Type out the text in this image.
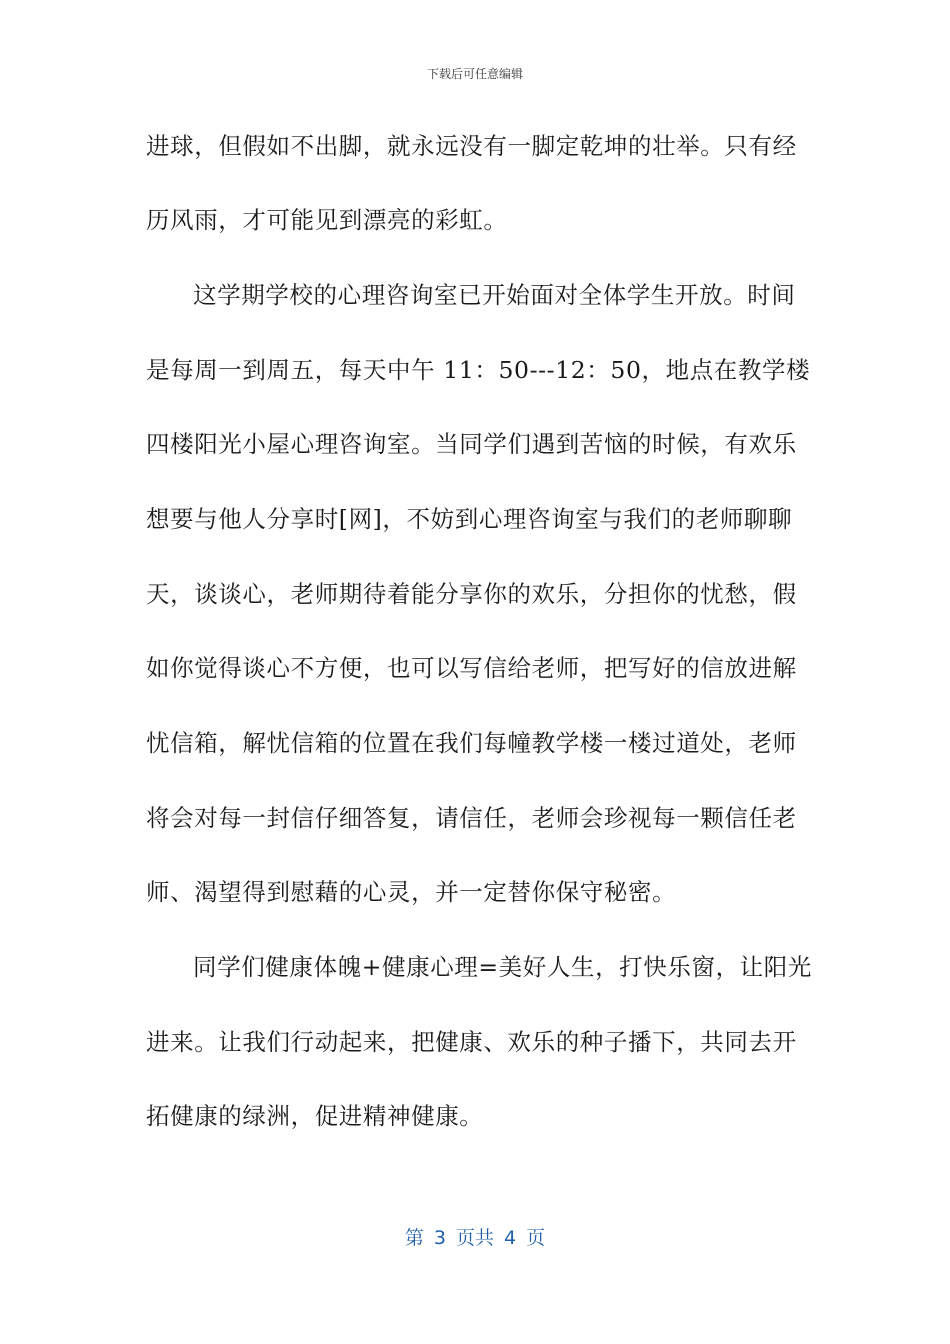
下载后可任意编辑
进球，但假如不出脚，就永远没有一脚定乾坤的壮举。只有经
历风雨，才可能见到漂亮的彩虹。
这学期学校的心理咨询室已开始面对全体学生开放。时间
是每周一到周五，每天中午 11：50---12：50，地点在教学楼
四楼阳光小屋心理咨询室。当同学们遇到苦恼的时候，有欢乐
想要与他人分享时[网]，不妨到心理咨询室与我们的老师聊聊
天，谈谈心，老师期待着能分享你的欢乐，分担你的忧愁，假
如你觉得谈心不方便，也可以写信给老师，把写好的信放进解
忧信箱，解忧信箱的位置在我们每幢教学楼一楼过道处，老师
将会对每一封信仔细答复，请信任，老师会珍视每一颗信任老
师、渴望得到慰藉的心灵，并一定替你保守秘密。
同学们健康体魄+健康心理=美好人生，打快乐窗，让阳光
进来。让我们行动起来，把健康、欢乐的种子播下，共同去开
拓健康的绿洲，促进精神健康。
第 3 页共 4 页
